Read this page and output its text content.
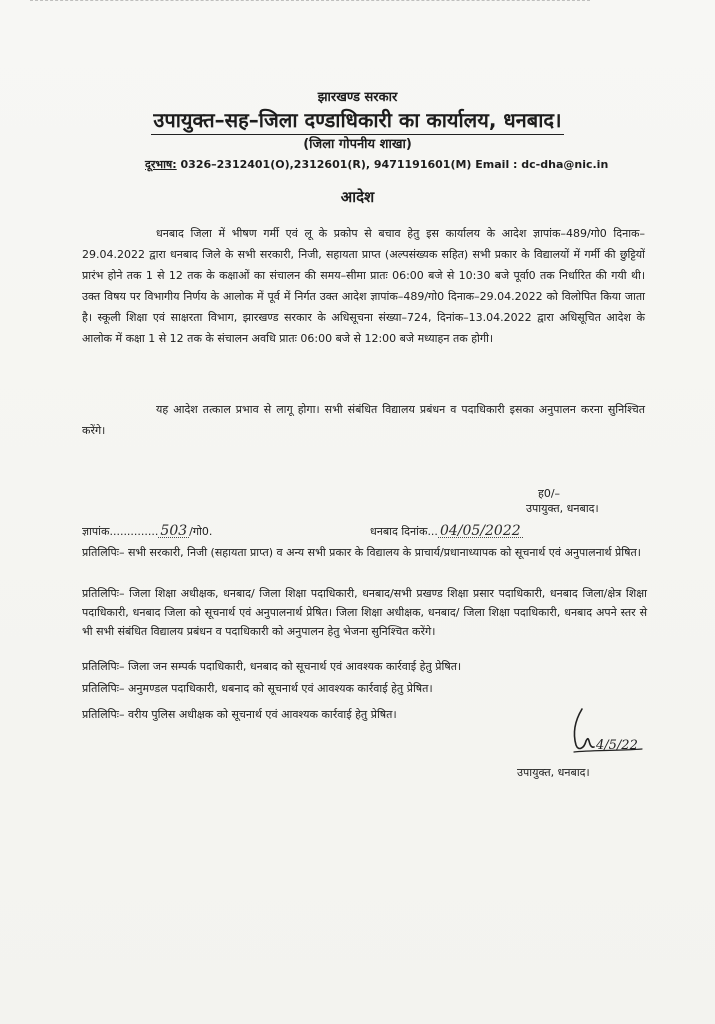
झारखण्ड सरकार
उपायुक्त–सह–जिला दण्डाधिकारी का कार्यालय, धनबाद।
(जिला गोपनीय शाखा)
दूरभाष: 0326–2312401(O),2312601(R), 9471191601(M) Email : dc-dha@nic.in
आदेश
धनबाद जिला में भीषण गर्मी एवं लू के प्रकोप से बचाव हेतु इस कार्यालय के आदेश ज्ञापांक–489/गो0 दिनाक–29.04.2022 द्वारा धनबाद जिले के सभी सरकारी, निजी, सहायता प्राप्त (अल्पसंख्यक सहित) सभी प्रकार के विद्यालयों में गर्मी की छुट्टियों प्रारंभ होने तक 1 से 12 तक के कक्षाओं का संचालन की समय–सीमा प्रातः 06:00 बजे से 10:30 बजे पूर्वा0 तक निर्धारित की गयी थी। उक्त विषय पर विभागीय निर्णय के आलोक में पूर्व में निर्गत उक्त आदेश ज्ञापांक–489/गो0 दिनाक–29.04.2022 को विलोपित किया जाता है। स्कूली शिक्षा एवं साक्षरता विभाग, झारखण्ड सरकार के अधिसूचना संख्या–724, दिनांक–13.04.2022 द्वारा अधिसूचित आदेश के आलोक में कक्षा 1 से 12 तक के संचालन अवधि प्रातः 06:00 बजे से 12:00 बजे मध्याहन तक होगी।
यह आदेश तत्काल प्रभाव से लागू होगा। सभी संबंधित विद्यालय प्रबंधन व पदाधिकारी इसका अनुपालन करना सुनिश्चित करेंगे।
ह0/–
उपायुक्त, धनबाद।
ज्ञापांक.............. 503 /गो0.	धनबाद दिनांक... 04/05/2022
प्रतिलिपिः– सभी सरकारी, निजी (सहायता प्राप्त) व अन्य सभी प्रकार के विद्यालय के प्राचार्य/प्रधानाध्यापक को सूचनार्थ एवं अनुपालनार्थ प्रेषित।
प्रतिलिपिः– जिला शिक्षा अधीक्षक, धनबाद/ जिला शिक्षा पदाधिकारी, धनबाद/सभी प्रखण्ड शिक्षा प्रसार पदाधिकारी, धनबाद जिला/क्षेत्र शिक्षा पदाधिकारी, धनबाद जिला को सूचनार्थ एवं अनुपालनार्थ प्रेषित। जिला शिक्षा अधीक्षक, धनबाद/ जिला शिक्षा पदाधिकारी, धनबाद अपने स्तर से भी सभी संबंधित विद्यालय प्रबंधन व पदाधिकारी को अनुपालन हेतु भेजना सुनिश्चित करेंगे।
प्रतिलिपिः– जिला जन सम्पर्क पदाधिकारी, धनबाद को सूचनार्थ एवं आवश्यक कार्रवाई हेतु प्रेषित।
प्रतिलिपिः– अनुमण्डल पदाधिकारी, धबनाद को सूचनार्थ एवं आवश्यक कार्रवाई हेतु प्रेषित।
प्रतिलिपिः– वरीय पुलिस अधीक्षक को सूचनार्थ एवं आवश्यक कार्रवाई हेतु प्रेषित।
4/5/22
उपायुक्त, धनबाद।
